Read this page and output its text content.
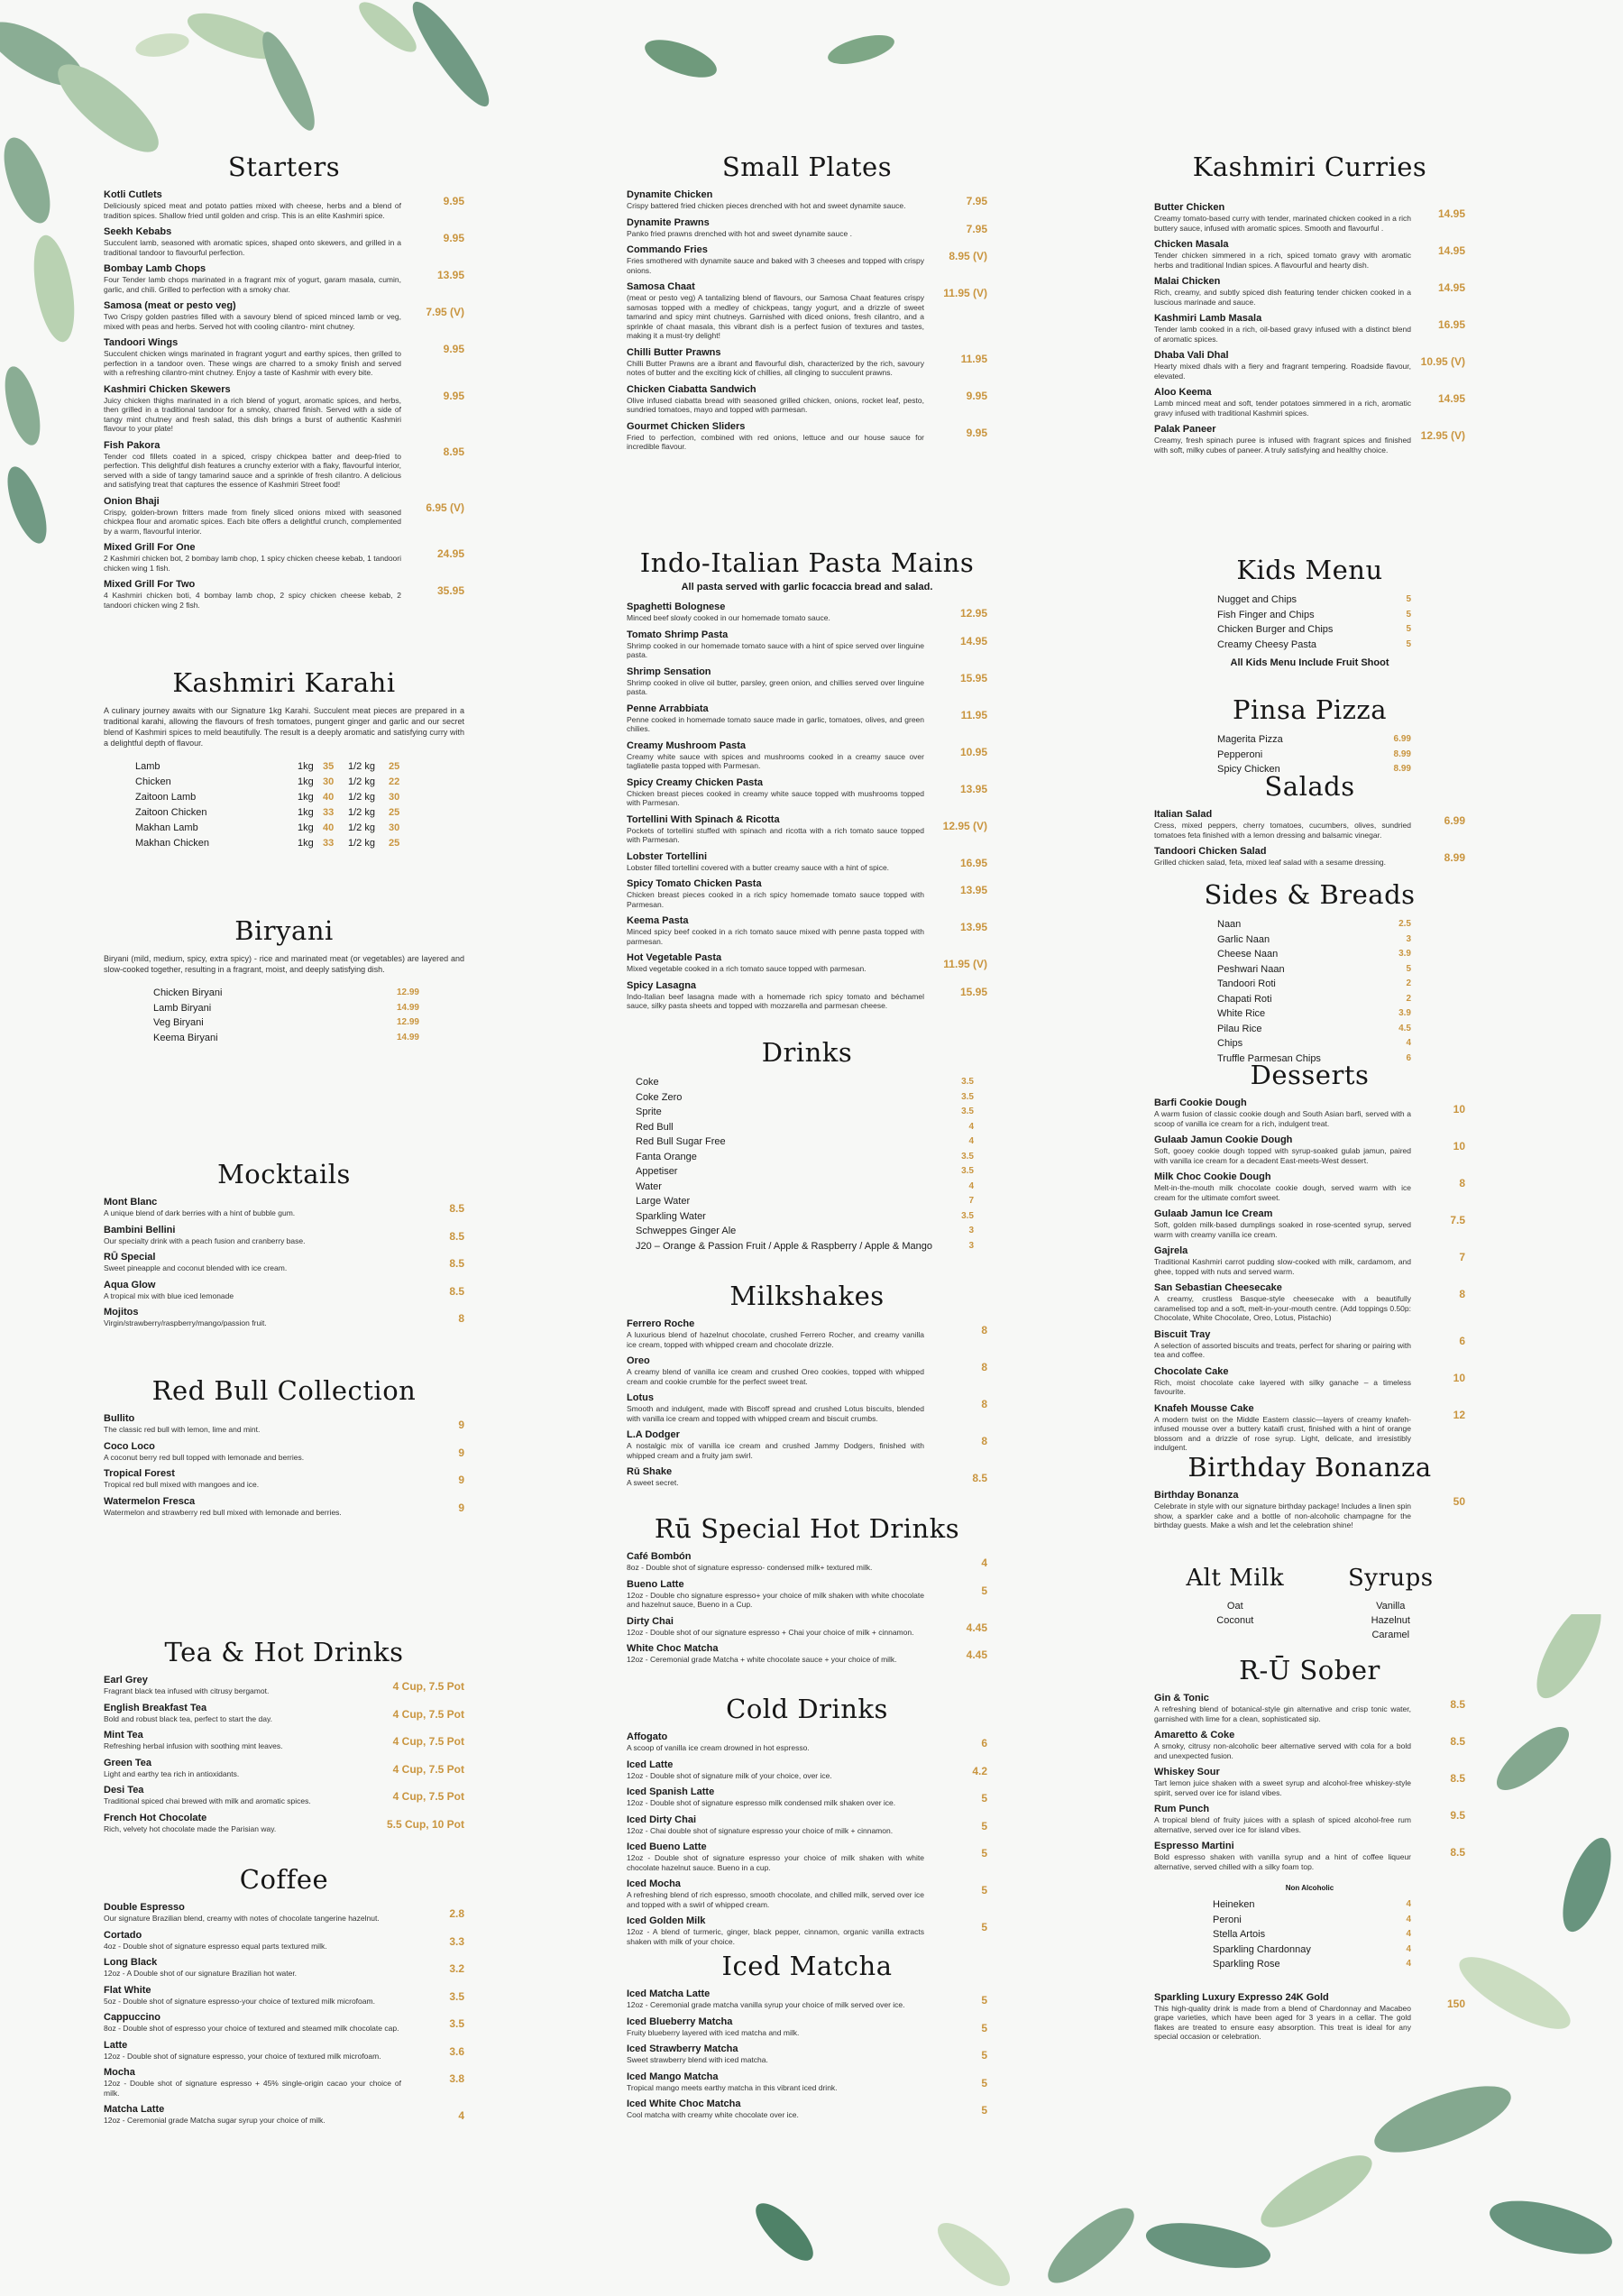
Starters
Kotli Cutlets
Deliciously spiced meat and potato patties mixed with cheese, herbs and a blend of tradition spices. Shallow fried until golden and crisp. This is an elite Kashmiri spice.
9.95
Seekh Kebabs
Succulent lamb, seasoned with aromatic spices, shaped onto skewers, and grilled in a traditional tandoor to flavourful perfection.
9.95
Bombay Lamb Chops
Four Tender lamb chops marinated in a fragrant mix of yogurt, garam masala, cumin, garlic, and chili. Grilled to perfection with a smoky char.
13.95
Samosa (meat or pesto veg)
Two Crispy golden pastries filled with a savoury blend of spiced minced lamb or veg, mixed with peas and herbs. Served hot with cooling cilantro- mint chutney.
7.95 (V)
Tandoori Wings
Succulent chicken wings marinated in fragrant yogurt and earthy spices, then grilled to perfection in a tandoor oven. These wings are charred to a smoky finish and served with a refreshing cilantro-mint chutney. Enjoy a taste of Kashmir with every bite.
9.95
Kashmiri Chicken Skewers
Juicy chicken thighs marinated in a rich blend of yogurt, aromatic spices, and herbs, then grilled in a traditional tandoor for a smoky, charred finish. Served with a side of tangy mint chutney and fresh salad, this dish brings a burst of authentic Kashmiri flavour to your plate!
9.95
Fish Pakora
Tender cod fillets coated in a spiced, crispy chickpea batter and deep-fried to perfection. This delightful dish features a crunchy exterior with a flaky, flavourful interior, served with a side of tangy tamarind sauce and a sprinkle of fresh cilantro. A delicious and satisfying treat that captures the essence of Kashmiri Street food!
8.95
Onion Bhaji
Crispy, golden-brown fritters made from finely sliced onions mixed with seasoned chickpea flour and aromatic spices. Each bite offers a delightful crunch, complemented by a warm, flavourful interior.
6.95 (V)
Mixed Grill For One
2 Kashmiri chicken bot, 2 bombay lamb chop, 1 spicy chicken cheese kebab, 1 tandoori chicken wing 1 fish.
24.95
Mixed Grill For Two
4 Kashmiri chicken boti, 4 bombay lamb chop, 2 spicy chicken cheese kebab, 2 tandoori chicken wing 2 fish.
35.95
Kashmiri Karahi
A culinary journey awaits with our Signature 1kg Karahi. Succulent meat pieces are prepared in a traditional karahi, allowing the flavours of fresh tomatoes, pungent ginger and garlic and our secret blend of Kashmiri spices to meld beautifully. The result is a deeply aromatic and satisfying curry with a delightful depth of flavour.
Lamb	1kg 35	1/2 kg	25
Chicken	1kg 30	1/2 kg	22
Zaitoon Lamb	1kg 40	1/2 kg	30
Zaitoon Chicken	1kg 33	1/2 kg	25
Makhan Lamb	1kg 40	1/2 kg	30
Makhan Chicken	1kg 33	1/2 kg	25
Biryani
Biryani (mild, medium, spicy, extra spicy) - rice and marinated meat (or vegetables) are layered and slow-cooked together, resulting in a fragrant, moist, and deeply satisfying dish.
Chicken Biryani	12.99
Lamb Biryani	14.99
Veg Biryani	12.99
Keema Biryani	14.99
Mocktails
Mont Blanc
A unique blend of dark berries with a hint of bubble gum.	8.5
Bambini Bellini
Our specialty drink with a peach fusion and cranberry base.	8.5
RŪ Special
Sweet pineapple and coconut blended with ice cream.	8.5
Aqua Glow
A tropical mix with blue iced lemonade	8.5
Mojitos
Virgin/strawberry/raspberry/mango/passion fruit.	8
Red Bull Collection
Bullito
The classic red bull with lemon, lime and mint.	9
Coco Loco
A coconut berry red bull topped with lemonade and berries.	9
Tropical Forest
Tropical red bull mixed with mangoes and ice.	9
Watermelon Fresca
Watermelon and strawberry red bull mixed with lemonade and berries.	9
Tea & Hot Drinks
Earl Grey
Fragrant black tea infused with citrusy bergamot.	4 Cup, 7.5 Pot
English Breakfast Tea
Bold and robust black tea, perfect to start the day.	4 Cup, 7.5 Pot
Mint Tea
Refreshing herbal infusion with soothing mint leaves.	4 Cup, 7.5 Pot
Green Tea
Light and earthy tea rich in antioxidants.	4 Cup, 7.5 Pot
Desi Tea
Traditional spiced chai brewed with milk and aromatic spices.	4 Cup, 7.5 Pot
French Hot Chocolate
Rich, velvety hot chocolate made the Parisian way.	5.5 Cup, 10 Pot
Coffee
Double Espresso
Our signature Brazilian blend, creamy with notes of chocolate tangerine hazelnut.	2.8
Cortado
4oz - Double shot of signature espresso equal parts textured milk.	3.3
Long Black
12oz - A Double shot of our signature Brazilian hot water.	3.2
Flat White
5oz - Double shot of signature espresso-your choice of textured milk microfoam.	3.5
Cappuccino
8oz - Double shot of espresso your choice of textured and steamed milk chocolate cap.	3.5
Latte
12oz - Double shot of signature espresso, your choice of textured milk microfoam.	3.6
Mocha
12oz - Double shot of signature espresso + 45% single-origin cacao your choice of milk.
3.8
Matcha Latte
12oz - Ceremonial grade Matcha sugar syrup your choice of milk.	4
Small Plates
Dynamite Chicken
Crispy battered fried chicken pieces drenched with hot and sweet dynamite sauce.	7.95
Dynamite Prawns
Panko fried prawns drenched with hot and sweet dynamite sauce .	7.95
Commando Fries
Fries smothered with dynamite sauce and baked with 3 cheeses and topped with crispy onions.
8.95 (V)
Samosa Chaat
(meat or pesto veg) A tantalizing blend of flavours, our Samosa Chaat features crispy samosas topped with a medley of chickpeas, tangy yogurt, and a drizzle of sweet tamarind and spicy mint chutneys. Garnished with diced onions, fresh cilantro, and a sprinkle of chaat masala, this vibrant dish is a perfect fusion of textures and tastes, making it a must-try delight!
11.95 (V)
Chilli Butter Prawns
Chilli Butter Prawns are a ibrant and flavourful dish, characterized by the rich, savoury notes of butter and the exciting kick of chillies, all clinging to succulent prawns.
11.95
Chicken Ciabatta Sandwich
Olive infused ciabatta bread with seasoned grilled chicken, onions, rocket leaf, pesto, sundried tomatoes, mayo and topped with parmesan.
9.95
Gourmet Chicken Sliders
Fried to perfection, combined with red onions, lettuce and our house sauce for incredible flavour.
9.95
Indo-Italian Pasta Mains
All pasta served with garlic focaccia bread and salad.
Spaghetti Bolognese
Minced beef slowly cooked in our homemade tomato sauce.	12.95
Tomato Shrimp Pasta
Shrimp cooked in our homemade tomato sauce with a hint of spice served over linguine pasta.
14.95
Shrimp Sensation
Shrimp cooked in olive oil butter, parsley, green onion, and chillies served over linguine pasta.
15.95
Penne Arrabbiata
Penne cooked in homemade tomato sauce made in garlic, tomatoes, olives, and green chilies.
11.95
Creamy Mushroom Pasta
Creamy white sauce with spices and mushrooms cooked in a creamy sauce over tagliatelle pasta topped with Parmesan.
10.95
Spicy Creamy Chicken Pasta
Chicken breast pieces cooked in creamy white sauce topped with mushrooms topped with Parmesan.
13.95
Tortellini With Spinach & Ricotta
Pockets of tortellini stuffed with spinach and ricotta with a rich tomato sauce topped with Parmesan.
12.95 (V)
Lobster Tortellini
Lobster filled tortellini covered with a butter creamy sauce with a hint of spice.	16.95
Spicy Tomato Chicken Pasta
Chicken breast pieces cooked in a rich spicy homemade tomato sauce topped with Parmesan.
13.95
Keema Pasta
Minced spicy beef cooked in a rich tomato sauce mixed with penne pasta topped with parmesan.
13.95
Hot Vegetable Pasta
Mixed vegetable cooked in a rich tomato sauce topped with parmesan.	11.95 (V)
Spicy Lasagna
Indo-Italian beef lasagna made with a homemade rich spicy tomato and béchamel sauce, silky pasta sheets and topped with mozzarella and parmesan cheese.
15.95
Drinks
Coke	3.5
Coke Zero	3.5
Sprite	3.5
Red Bull	4
Red Bull Sugar Free	4
Fanta Orange	3.5
Appetiser	3.5
Water	4
Large Water	7
Sparkling Water	3.5
Schweppes Ginger Ale	3
J20 – Orange & Passion Fruit / Apple & Raspberry / Apple & Mango	3
Milkshakes
Ferrero Roche
A luxurious blend of hazelnut chocolate, crushed Ferrero Rocher, and creamy vanilla ice cream, topped with whipped cream and chocolate drizzle.
8
Oreo
A creamy blend of vanilla ice cream and crushed Oreo cookies, topped with whipped cream and cookie crumble for the perfect sweet treat.
8
Lotus
Smooth and indulgent, made with Biscoff spread and crushed Lotus biscuits, blended with vanilla ice cream and topped with whipped cream and biscuit crumbs.
8
L.A Dodger
A nostalgic mix of vanilla ice cream and crushed Jammy Dodgers, finished with whipped cream and a fruity jam swirl.
8
Rū Shake
A sweet secret.	8.5
Rū Special Hot Drinks
Café Bombón
8oz - Double shot of signature espresso- condensed milk+ textured milk.	4
Bueno Latte
12oz - Double cho signature espresso+ your choice of milk shaken with white chocolate and hazelnut sauce, Bueno in a Cup.
5
Dirty Chai
12oz - Double shot of our signature espresso + Chai your choice of milk + cinnamon.	4.45
White Choc Matcha
12oz - Ceremonial grade Matcha + white chocolate sauce + your choice of milk.	4.45
Cold Drinks
Affogato
A scoop of vanilla ice cream drowned in hot espresso.	6
Iced Latte
12oz - Double shot of signature milk of your choice, over ice.	4.2
Iced Spanish Latte
12oz - Double shot of signature espresso milk condensed milk shaken over ice.	5
Iced Dirty Chai
12oz - Chai double shot of signature espresso your choice of milk + cinnamon.	5
Iced Bueno Latte
12oz - Double shot of signature espresso your choice of milk shaken with white chocolate hazelnut sauce. Bueno in a cup.
5
Iced Mocha
A refreshing blend of rich espresso, smooth chocolate, and chilled milk, served over ice and topped with a swirl of whipped cream.
5
Iced Golden Milk
12oz - A blend of turmeric, ginger, black pepper, cinnamon, organic vanilla extracts shaken with milk of your choice.
5
Iced Matcha
Iced Matcha Latte
12oz - Ceremonial grade matcha vanilla syrup your choice of milk served over ice.	5
Iced Blueberry Matcha
Fruity blueberry layered with iced matcha and milk.	5
Iced Strawberry Matcha
Sweet strawberry blend with iced matcha.	5
Iced Mango Matcha
Tropical mango meets earthy matcha in this vibrant iced drink.	5
Iced White Choc Matcha
Cool matcha with creamy white chocolate over ice.	5
Kashmiri Curries
Butter Chicken
Creamy tomato-based curry with tender, marinated chicken cooked in a rich buttery sauce, infused with aromatic spices. Smooth and flavourful .
14.95
Chicken Masala
Tender chicken simmered in a rich, spiced tomato gravy with aromatic herbs and traditional Indian spices. A flavourful and hearty dish.
14.95
Malai Chicken
Rich, creamy, and subtly spiced dish featuring tender chicken cooked in a luscious marinade and sauce.
14.95
Kashmiri Lamb Masala
Tender lamb cooked in a rich, oil-based gravy infused with a distinct blend of aromatic spices.
16.95
Dhaba Vali Dhal
Hearty mixed dhals with a fiery and fragrant tempering. Roadside flavour, elevated.
10.95 (V)
Aloo Keema
Lamb minced meat and soft, tender potatoes simmered in a rich, aromatic gravy infused with traditional Kashmiri spices.
14.95
Palak Paneer
Creamy, fresh spinach puree is infused with fragrant spices and finished with soft, milky cubes of paneer. A truly satisfying and healthy choice.
12.95 (V)
Kids Menu
Nugget and Chips	5
Fish Finger and Chips	5
Chicken Burger and Chips	5
Creamy Cheesy Pasta	5
All Kids Menu Include Fruit Shoot
Pinsa Pizza
Magerita Pizza	6.99
Pepperoni	8.99
Spicy Chicken	8.99
Salads
Italian Salad
Cress, mixed peppers, cherry tomatoes, cucumbers, olives, sundried tomatoes feta finished with a lemon dressing and balsamic vinegar.
6.99
Tandoori Chicken Salad
Grilled chicken salad, feta, mixed leaf salad with a sesame dressing.	8.99
Sides & Breads
Naan	2.5
Garlic Naan	3
Cheese Naan	3.9
Peshwari Naan	5
Tandoori Roti	2
Chapati Roti	2
White Rice	3.9
Pilau Rice	4.5
Chips	4
Truffle Parmesan Chips	6
Desserts
Barfi Cookie Dough
A warm fusion of classic cookie dough and South Asian barfi, served with a scoop of vanilla ice cream for a rich, indulgent treat.
10
Gulaab Jamun Cookie Dough
Soft, gooey cookie dough topped with syrup-soaked gulab jamun, paired with vanilla ice cream for a decadent East-meets-West dessert.
10
Milk Choc Cookie Dough
Melt-in-the-mouth milk chocolate cookie dough, served warm with ice cream for the ultimate comfort sweet.
8
Gulaab Jamun Ice Cream
Soft, golden milk-based dumplings soaked in rose-scented syrup, served warm with creamy vanilla ice cream.
7.5
Gajrela
Traditional Kashmiri carrot pudding slow-cooked with milk, cardamom, and ghee, topped with nuts and served warm.
7
San Sebastian Cheesecake
A creamy, crustless Basque-style cheesecake with a beautifully caramelised top and a soft, melt-in-your-mouth centre. (Add toppings 0.50p: Chocolate, White Chocolate, Oreo, Lotus, Pistachio)
8
Biscuit Tray
A selection of assorted biscuits and treats, perfect for sharing or pairing with tea and coffee.
6
Chocolate Cake
Rich, moist chocolate cake layered with silky ganache – a timeless favourite.
10
Knafeh Mousse Cake
A modern twist on the Middle Eastern classic—layers of creamy knafeh-infused mousse over a buttery kataifi crust, finished with a hint of orange blossom and a drizzle of rose syrup. Light, delicate, and irresistibly indulgent.
12
Birthday Bonanza
Birthday Bonanza
Celebrate in style with our signature birthday package! Includes a linen spin show, a sparkler cake and a bottle of non-alcoholic champagne for the birthday guests. Make a wish and let the celebration shine!
50
Alt Milk
Oat
Coconut
Syrups
Vanilla
Hazelnut
Caramel
R-Ū Sober
Gin & Tonic
A refreshing blend of botanical-style gin alternative and crisp tonic water, garnished with lime for a clean, sophisticated sip.
8.5
Amaretto & Coke
A smoky, citrusy non-alcoholic beer alternative served with cola for a bold and unexpected fusion.
8.5
Whiskey Sour
Tart lemon juice shaken with a sweet syrup and alcohol-free whiskey-style spirit, served over ice for island vibes.
8.5
Rum Punch
A tropical blend of fruity juices with a splash of spiced alcohol-free rum alternative, served over ice for island vibes.
9.5
Espresso Martini
Bold espresso shaken with vanilla syrup and a hint of coffee liqueur alternative, served chilled with a silky foam top.
8.5
Non Alcoholic
Heineken	4
Peroni	4
Stella Artois	4
Sparkling Chardonnay	4
Sparkling Rose	4
Sparkling Luxury Expresso 24K Gold
This high-quality drink is made from a blend of Chardonnay and Macabeo grape varieties, which have been aged for 3 years in a cellar. The gold flakes are treated to ensure easy absorption. This treat is ideal for any special occasion or celebration.
150
